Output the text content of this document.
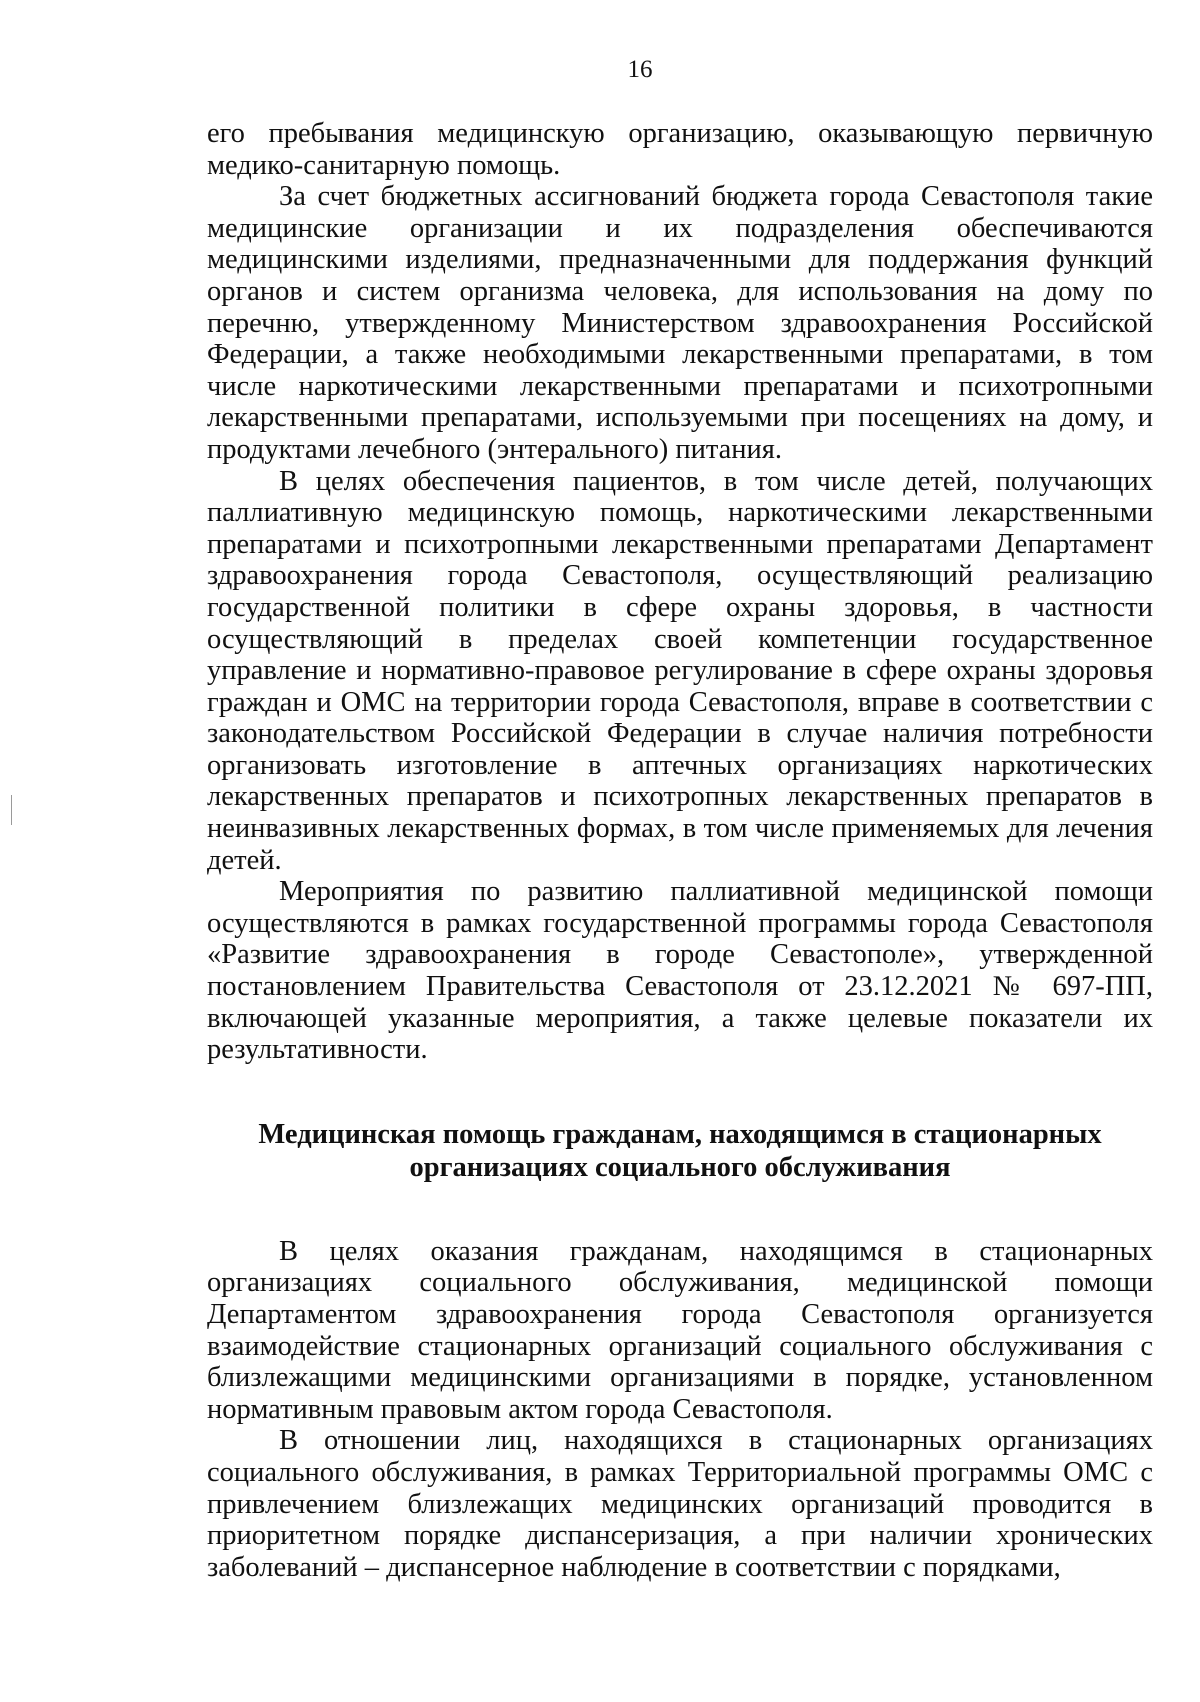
16

его пребывания медицинскую организацию, оказывающую первичную медико-санитарную помощь.

За счет бюджетных ассигнований бюджета города Севастополя такие медицинские организации и их подразделения обеспечиваются медицинскими изделиями, предназначенными для поддержания функций органов и систем организма человека, для использования на дому по перечню, утвержденному Министерством здравоохранения Российской Федерации, а также необходимыми лекарственными препаратами, в том числе наркотическими лекарственными препаратами и психотропными лекарственными препаратами, используемыми при посещениях на дому, и продуктами лечебного (энтерального) питания.

В целях обеспечения пациентов, в том числе детей, получающих паллиативную медицинскую помощь, наркотическими лекарственными препаратами и психотропными лекарственными препаратами Департамент здравоохранения города Севастополя, осуществляющий реализацию государственной политики в сфере охраны здоровья, в частности осуществляющий в пределах своей компетенции государственное управление и нормативно-правовое регулирование в сфере охраны здоровья граждан и ОМС на территории города Севастополя, вправе в соответствии с законодательством Российской Федерации в случае наличия потребности организовать изготовление в аптечных организациях наркотических лекарственных препаратов и психотропных лекарственных препаратов в неинвазивных лекарственных формах, в том числе применяемых для лечения детей.

Мероприятия по развитию паллиативной медицинской помощи осуществляются в рамках государственной программы города Севастополя «Развитие здравоохранения в городе Севастополе», утвержденной постановлением Правительства Севастополя от 23.12.2021 № 697-ПП, включающей указанные мероприятия, а также целевые показатели их результативности.

Медицинская помощь гражданам, находящимся в стационарных
организациях социального обслуживания

В целях оказания гражданам, находящимся в стационарных организациях социального обслуживания, медицинской помощи Департаментом здравоохранения города Севастополя организуется взаимодействие стационарных организаций социального обслуживания с близлежащими медицинскими организациями в порядке, установленном нормативным правовым актом города Севастополя.

В отношении лиц, находящихся в стационарных организациях социального обслуживания, в рамках Территориальной программы ОМС с привлечением близлежащих медицинских организаций проводится в приоритетном порядке диспансеризация, а при наличии хронических заболеваний – диспансерное наблюдение в соответствии с порядками,
